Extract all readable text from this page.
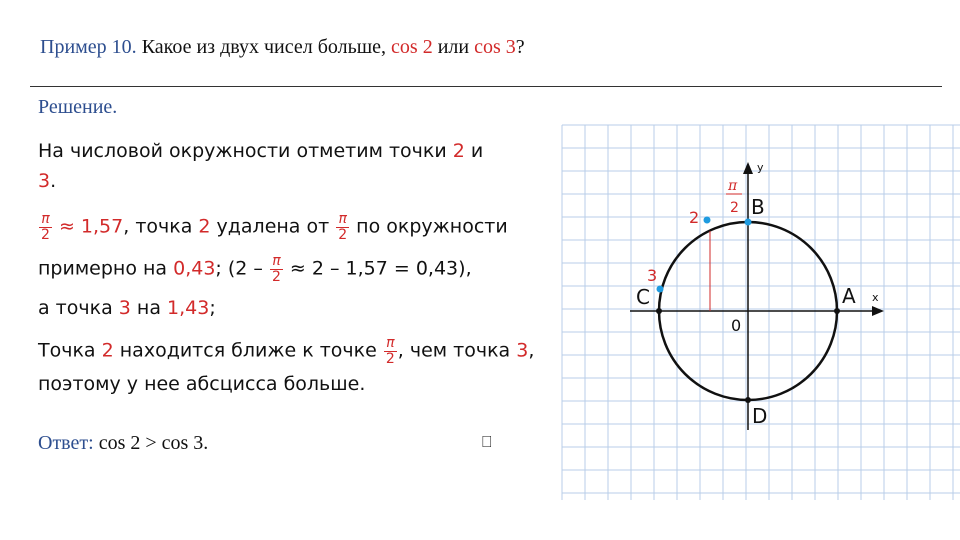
Пример 10. Какое из двух чисел больше, cos 2 или cos 3?
Решение.
На числовой окружности отметим точки 2 и
3.
$\frac{\pi}{2} \approx 1,57$, точка 2 удалена от $\frac{\pi}{2}$ по окружности
примерно на 0,43; $(2 - \frac{\pi}{2} \approx 2 - 1,57 = 0,43)$,
а точка 3 на 1,43;
Точка 2 находится ближе к точке $\frac{\pi}{2}$ , чем точка 3,
поэтому у нее абсцисса больше.
Ответ: cos 2 > cos 3.	⎕
y
x
0
A
B
C
D
π
2
2
3
